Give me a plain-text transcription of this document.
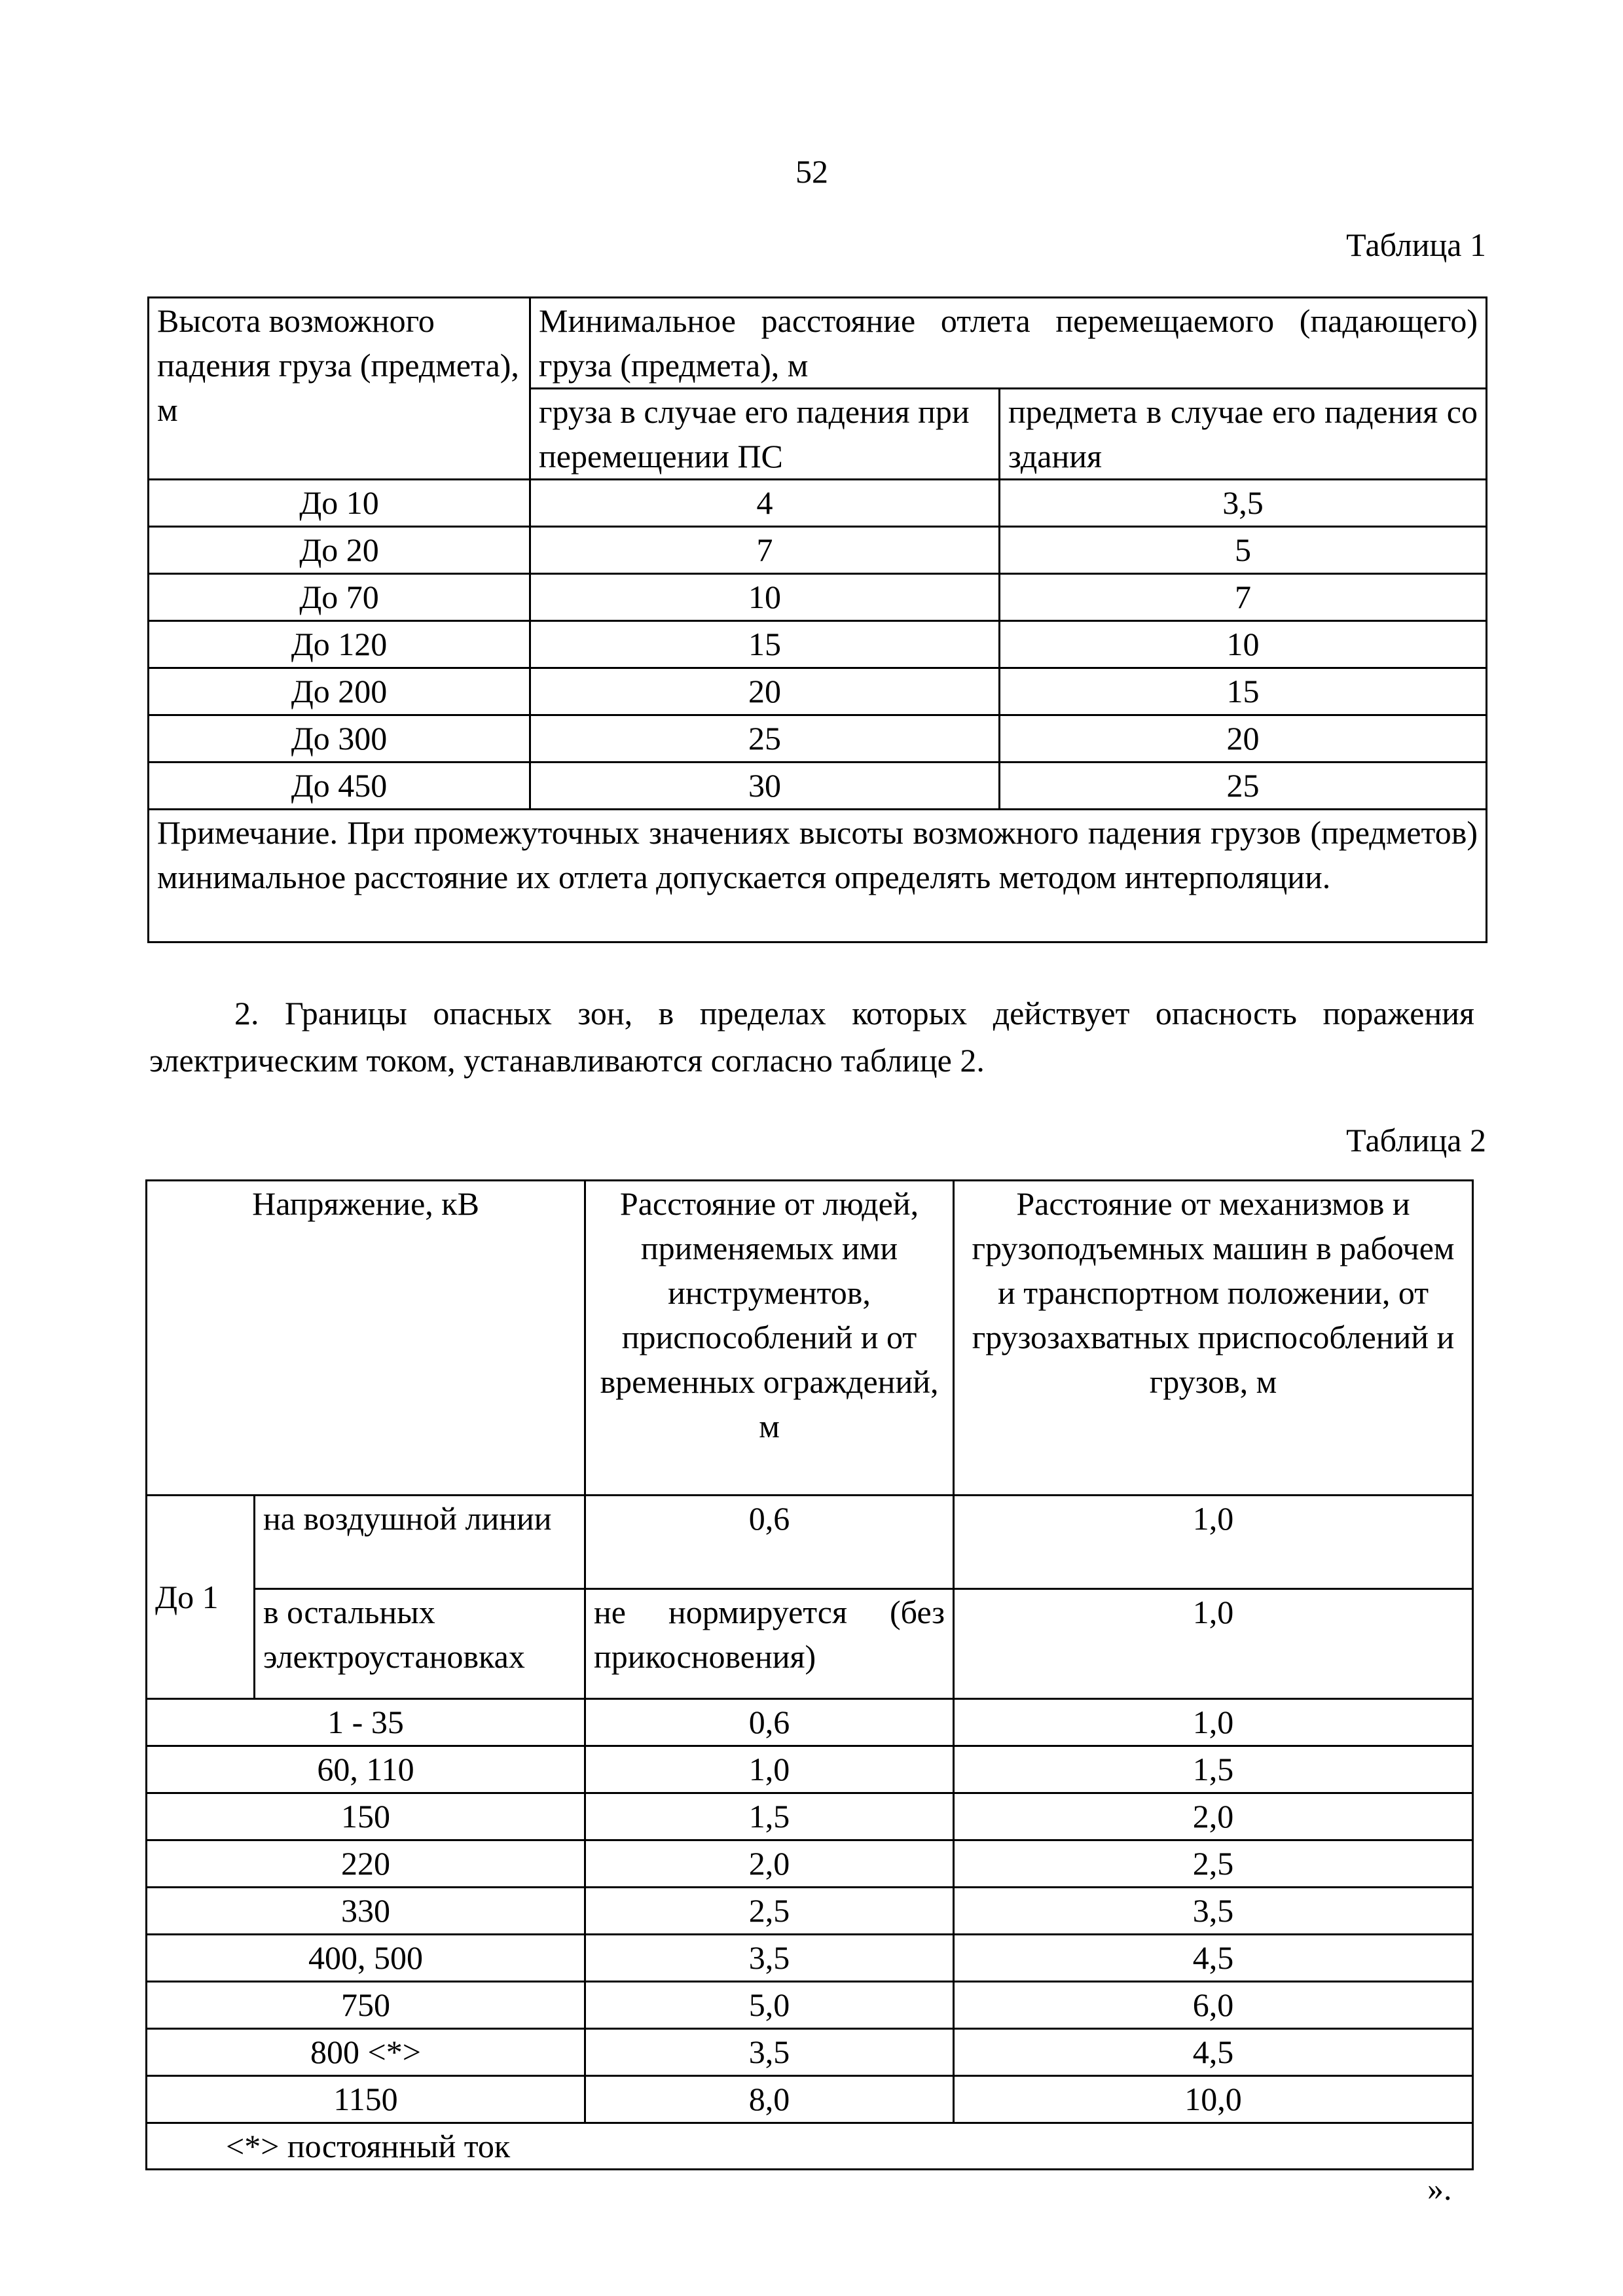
52
Таблица 1
Высота возможного падения груза (предмета), м	Минимальное расстояние отлета перемещаемого (падающего) груза (предмета), м	
	груза в случае его падения при перемещении ПС	предмета в случае его падения со здания
До 10	4	3,5
До 20	7	5
До 70	10	7
До 120	15	10
До 200	20	15
До 300	25	20
До 450	30	25
Примечание. При промежуточных значениях высоты возможного падения грузов (предметов) минимальное расстояние их отлета допускается определять методом интерполяции.		
2. Границы опасных зон, в пределах которых действует опасность поражения электрическим током, устанавливаются согласно таблице 2.
Таблица 2
Напряжение, кВ		Расстояние от людей, применяемых ими инструментов, приспособлений и от временных ограждений, м	Расстояние от механизмов и грузоподъемных машин в рабочем и транспортном положении, от грузозахватных приспособлений и грузов, м
До 1	на воздушной линии	0,6	1,0
	в остальных электроустановках	не нормируется (без прикосновения)	1,0
1 - 35		0,6	1,0
60, 110		1,0	1,5
150		1,5	2,0
220		2,0	2,5
330		2,5	3,5
400, 500		3,5	4,5
750		5,0	6,0
800 <*>		3,5	4,5
1150		8,0	10,0
<*> постоянный ток			
».
